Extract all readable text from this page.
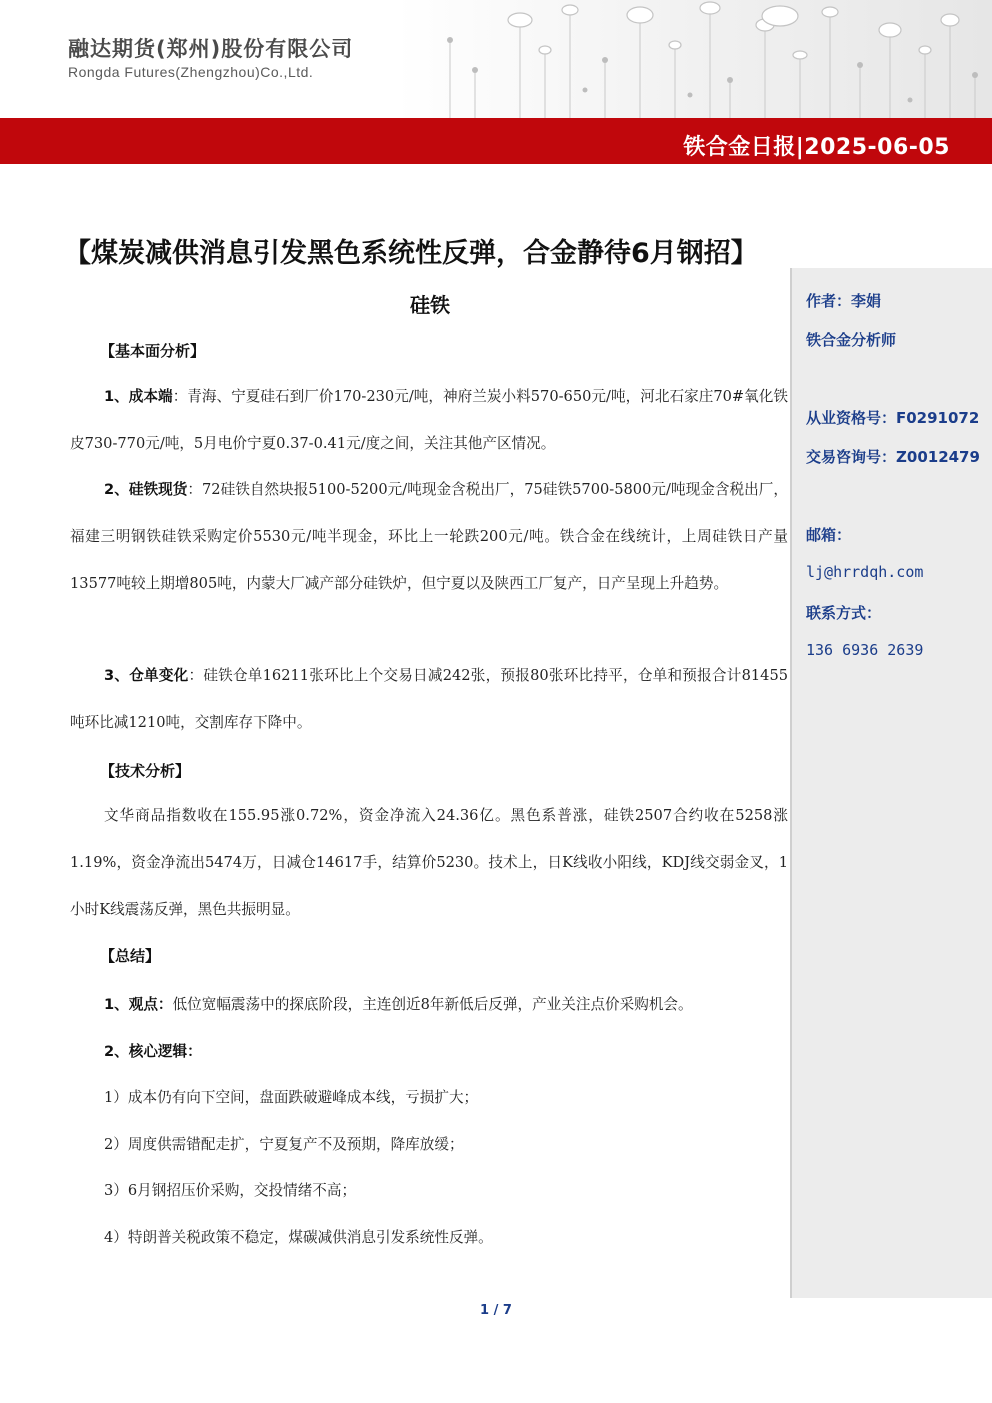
融达期货(郑州)股份有限公司
Rongda Futures(Zhengzhou)Co.,Ltd.
铁合金日报|2025-06-05
作者：李娟
铁合金分析师
从业资格号：F0291072
交易咨询号：Z0012479
邮箱：
lj@hrrdqh.com
联系方式：
136 6936 2639
【煤炭减供消息引发黑色系统性反弹，合金静待6月钢招】
硅铁
【基本面分析】
1、成本端：青海、宁夏硅石到厂价170-230元/吨，神府兰炭小料570-650元/吨，河北石家庄70#氧化铁皮730-770元/吨，5月电价宁夏0.37-0.41元/度之间，关注其他产区情况。
2、硅铁现货：72硅铁自然块报5100-5200元/吨现金含税出厂，75硅铁5700-5800元/吨现金含税出厂，福建三明钢铁硅铁采购定价5530元/吨半现金，环比上一轮跌200元/吨。铁合金在线统计，上周硅铁日产量13577吨较上期增805吨，内蒙大厂减产部分硅铁炉，但宁夏以及陕西工厂复产，日产呈现上升趋势。
3、仓单变化：硅铁仓单16211张环比上个交易日减242张，预报80张环比持平，仓单和预报合计81455吨环比减1210吨，交割库存下降中。
【技术分析】
文华商品指数收在155.95涨0.72%，资金净流入24.36亿。黑色系普涨，硅铁2507合约收在5258涨1.19%，资金净流出5474万，日减仓14617手，结算价5230。技术上，日K线收小阳线，KDJ线交弱金叉，1小时K线震荡反弹，黑色共振明显。
【总结】
1、观点：低位宽幅震荡中的探底阶段，主连创近8年新低后反弹，产业关注点价采购机会。
2、核心逻辑：
1）成本仍有向下空间，盘面跌破避峰成本线，亏损扩大；
2）周度供需错配走扩，宁夏复产不及预期，降库放缓；
3）6月钢招压价采购，交投情绪不高；
4）特朗普关税政策不稳定，煤碳减供消息引发系统性反弹。
1 / 7
